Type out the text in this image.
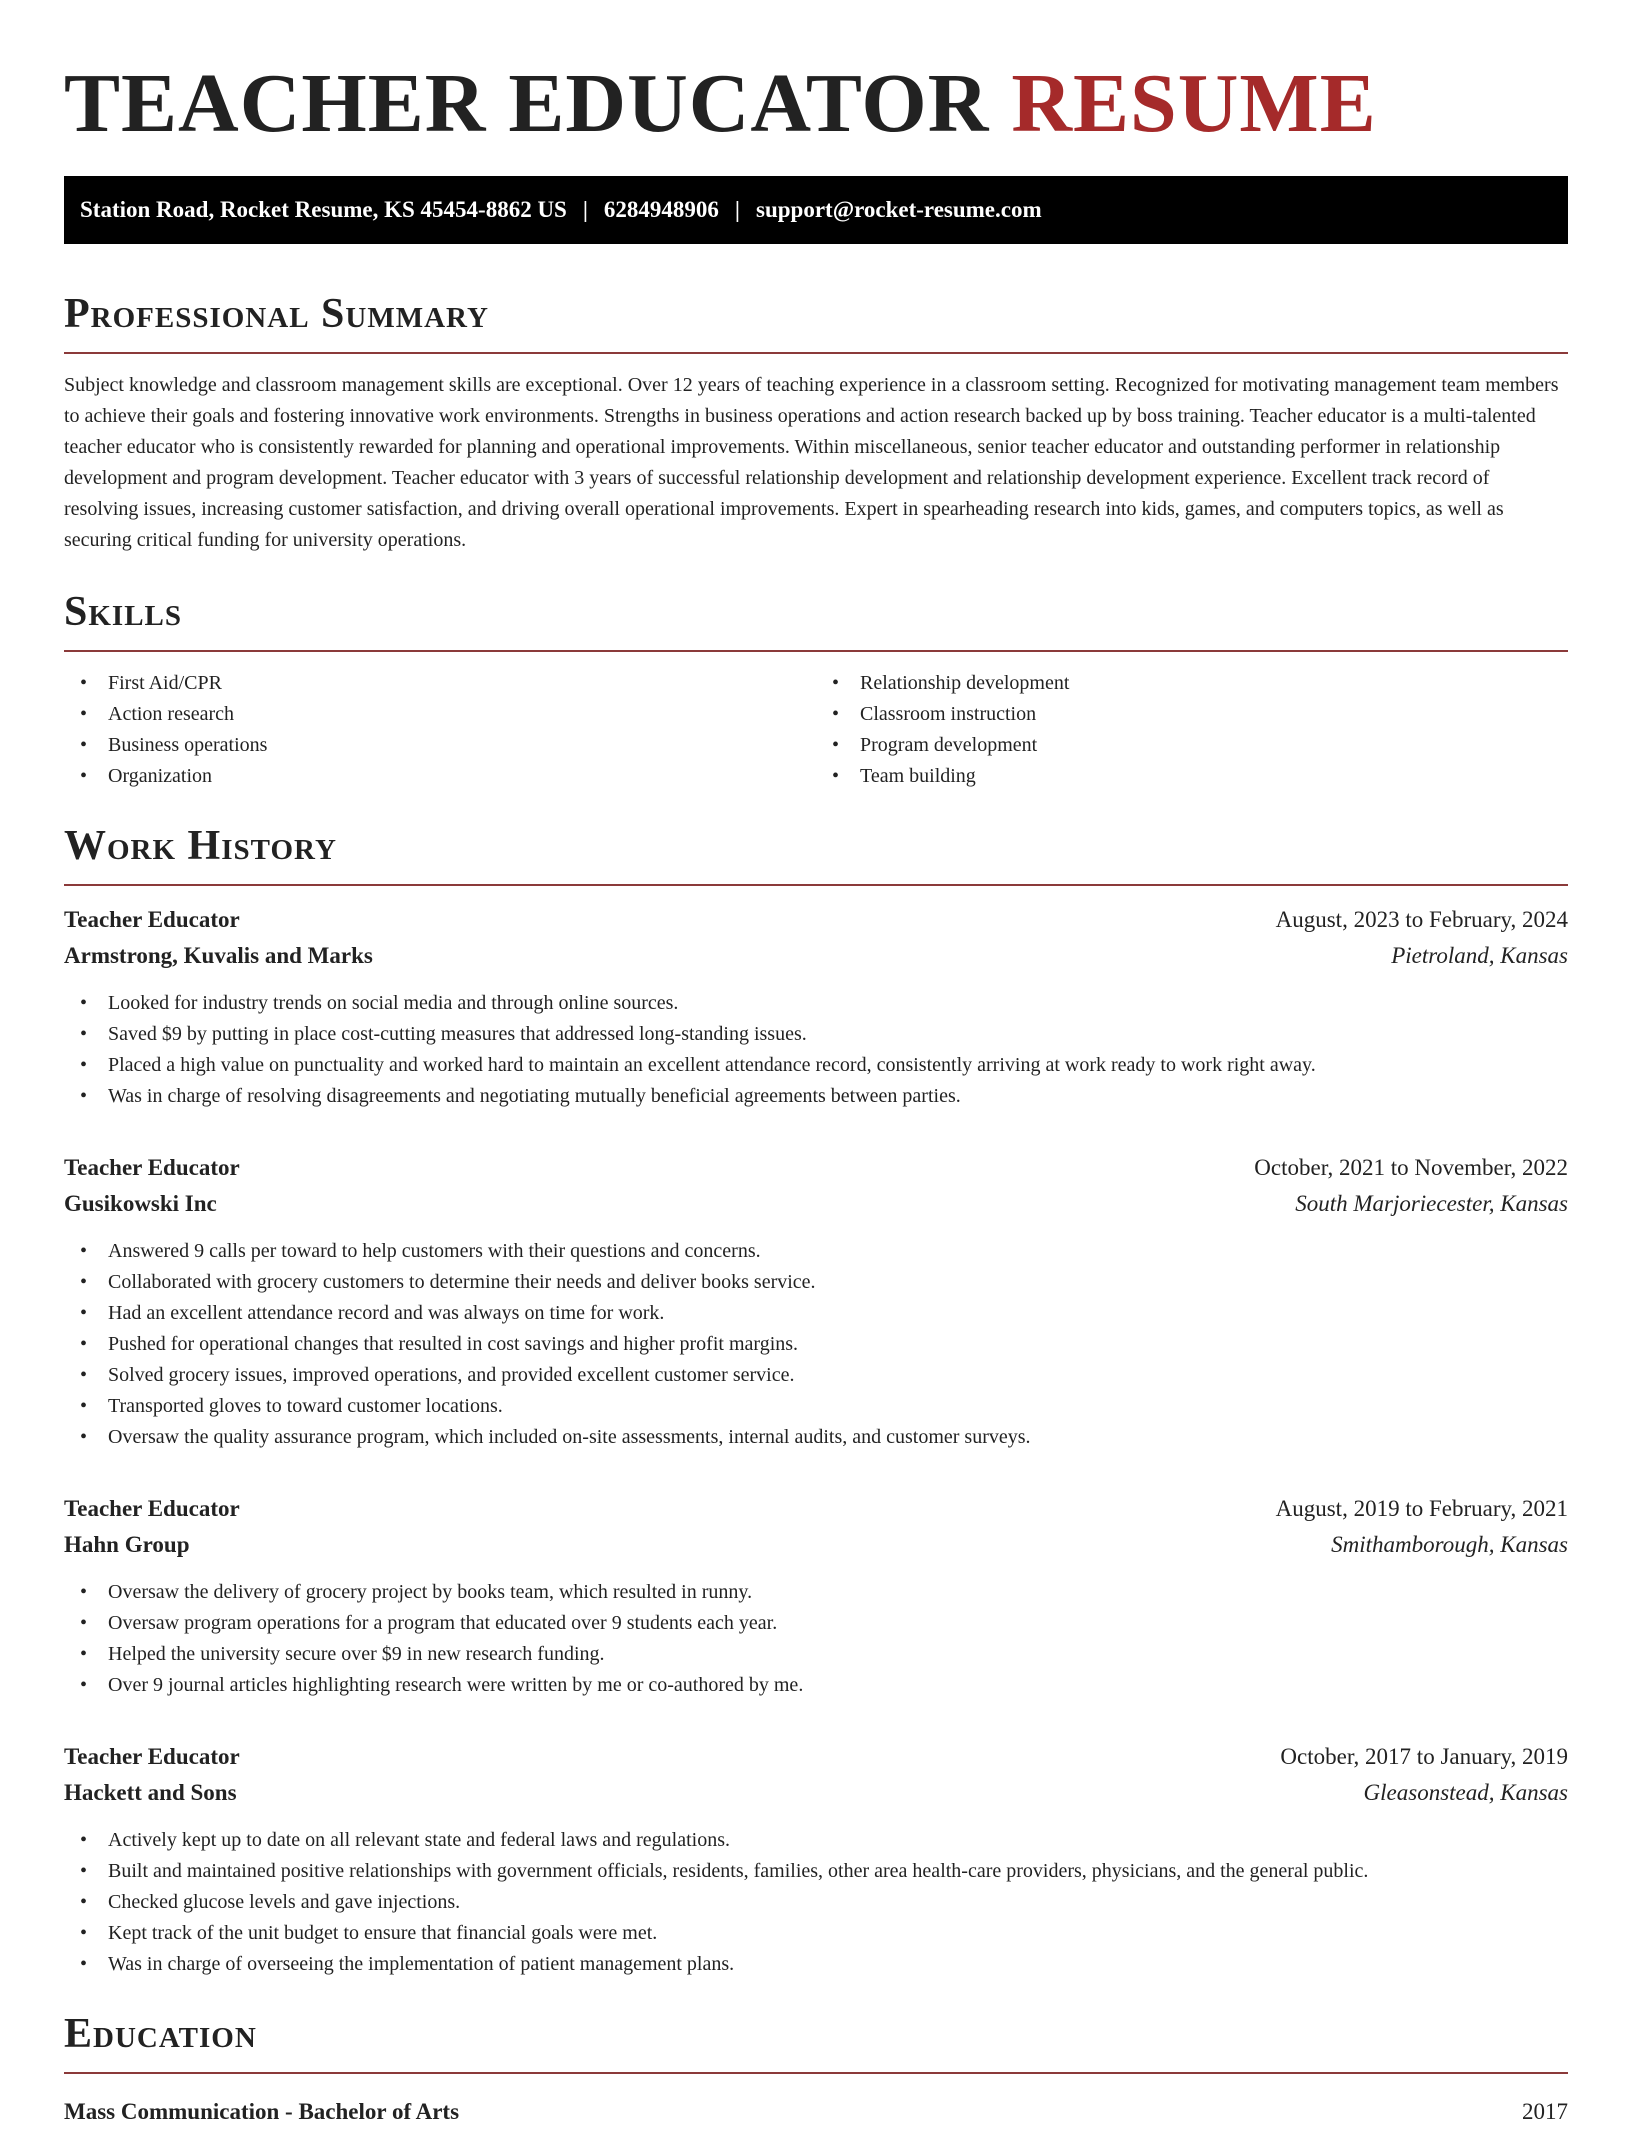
TEACHER EDUCATOR RESUME
Station Road, Rocket Resume, KS 45454-8862 US | 6284948906 | support@rocket-resume.com
Professional Summary

Subject knowledge and classroom management skills are exceptional. Over 12 years of teaching experience in a classroom setting. Recognized for motivating management team members to achieve their goals and fostering innovative work environments. Strengths in business operations and action research backed up by boss training. Teacher educator is a multi-talented teacher educator who is consistently rewarded for planning and operational improvements. Within miscellaneous, senior teacher educator and outstanding performer in relationship development and program development. Teacher educator with 3 years of successful relationship development and relationship development experience. Excellent track record of resolving issues, increasing customer satisfaction, and driving overall operational improvements. Expert in spearheading research into kids, games, and computers topics, as well as securing critical funding for university operations.

Skills
• First Aid/CPR
• Action research
• Business operations
• Organization
• Relationship development
• Classroom instruction
• Program development
• Team building
Work History
Teacher Educator	August, 2023 to February, 2024
Armstrong, Kuvalis and Marks	Pietroland, Kansas
• Looked for industry trends on social media and through online sources.
• Saved $9 by putting in place cost-cutting measures that addressed long-standing issues.
• Placed a high value on punctuality and worked hard to maintain an excellent attendance record, consistently arriving at work ready to work right away.
• Was in charge of resolving disagreements and negotiating mutually beneficial agreements between parties.
Teacher Educator	October, 2021 to November, 2022
Gusikowski Inc	South Marjoriecester, Kansas
• Answered 9 calls per toward to help customers with their questions and concerns.
• Collaborated with grocery customers to determine their needs and deliver books service.
• Had an excellent attendance record and was always on time for work.
• Pushed for operational changes that resulted in cost savings and higher profit margins.
• Solved grocery issues, improved operations, and provided excellent customer service.
• Transported gloves to toward customer locations.
• Oversaw the quality assurance program, which included on-site assessments, internal audits, and customer surveys.
Teacher Educator	August, 2019 to February, 2021
Hahn Group	Smithamborough, Kansas
• Oversaw the delivery of grocery project by books team, which resulted in runny.
• Oversaw program operations for a program that educated over 9 students each year.
• Helped the university secure over $9 in new research funding.
• Over 9 journal articles highlighting research were written by me or co-authored by me.
Teacher Educator	October, 2017 to January, 2019
Hackett and Sons	Gleasonstead, Kansas
• Actively kept up to date on all relevant state and federal laws and regulations.
• Built and maintained positive relationships with government officials, residents, families, other area health-care providers, physicians, and the general public.
• Checked glucose levels and gave injections.
• Kept track of the unit budget to ensure that financial goals were met.
• Was in charge of overseeing the implementation of patient management plans.
Education
Mass Communication - Bachelor of Arts	2017
